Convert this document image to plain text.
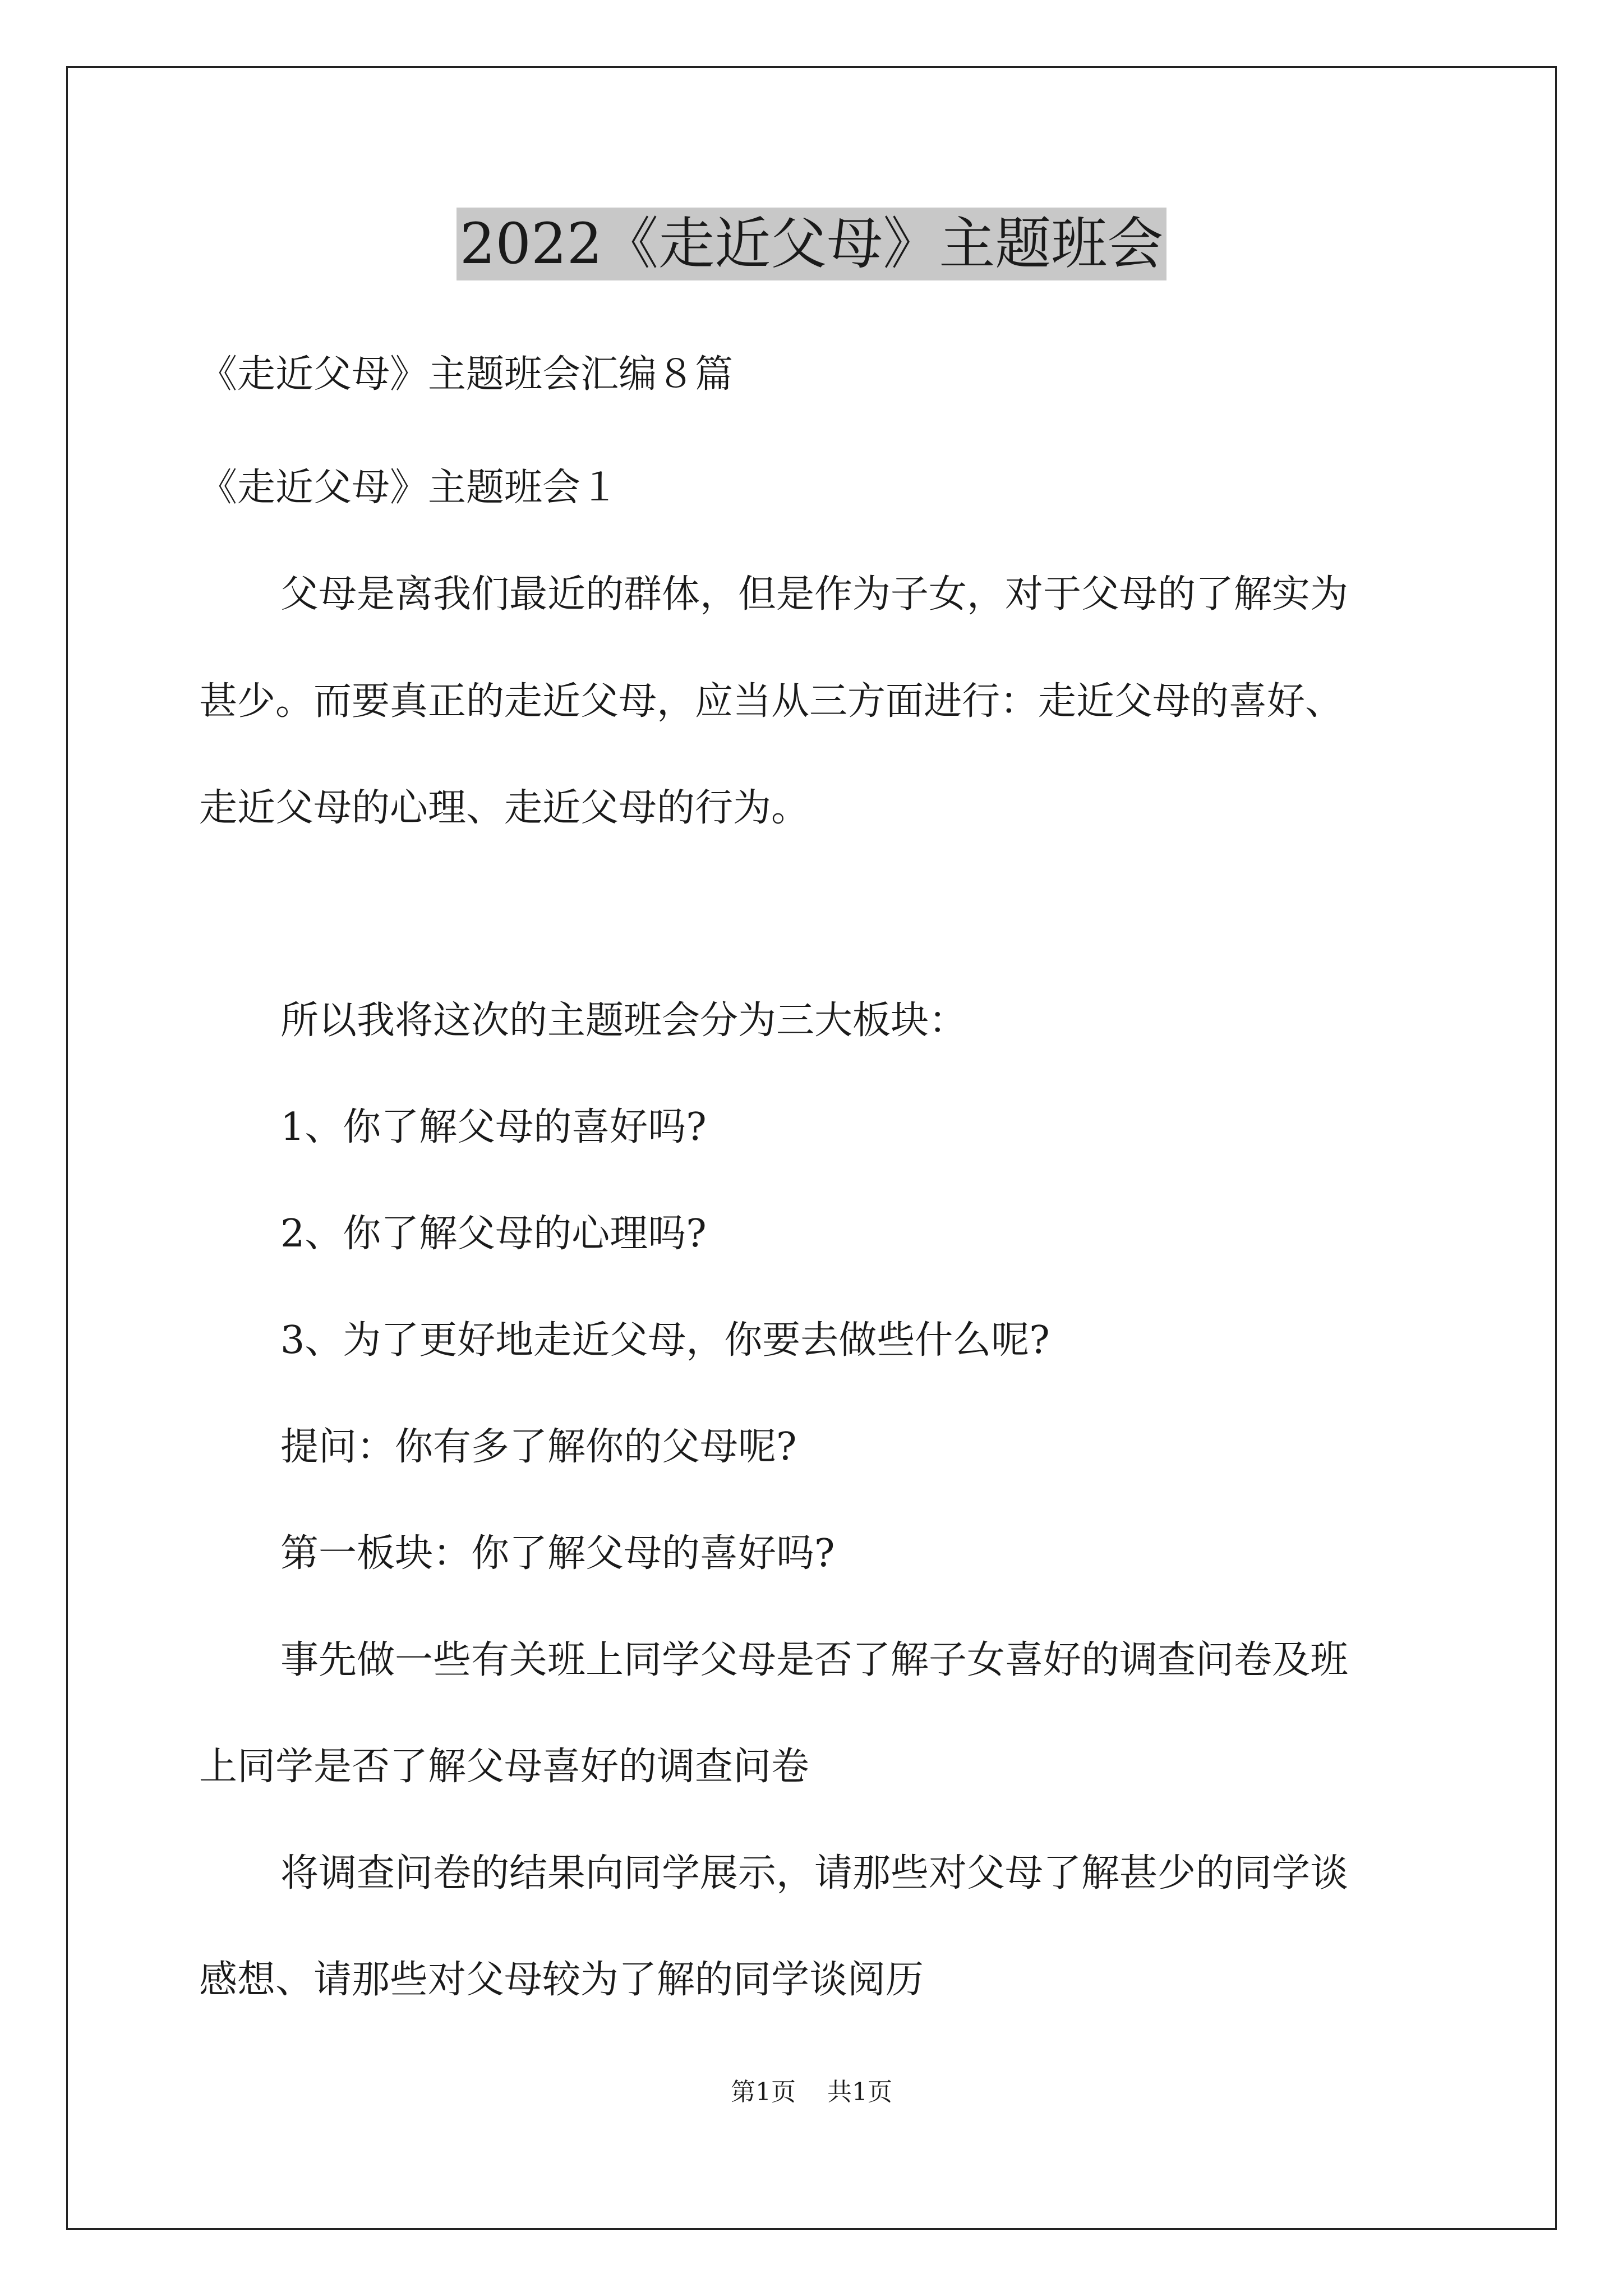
2022《走近父母》主题班会

《走近父母》主题班会汇编８篇

《走近父母》主题班会１

父母是离我们最近的群体，但是作为子女，对于父母的了解实为

甚少。而要真正的走近父母，应当从三方面进行：走近父母的喜好、

走近父母的心理、走近父母的行为。

所以我将这次的主题班会分为三大板块：

1、你了解父母的喜好吗?

2、你了解父母的心理吗?

3、为了更好地走近父母，你要去做些什么呢?

提问：你有多了解你的父母呢?

第一板块：你了解父母的喜好吗?

事先做一些有关班上同学父母是否了解子女喜好的调查问卷及班

上同学是否了解父母喜好的调查问卷

将调查问卷的结果向同学展示，请那些对父母了解甚少的同学谈

感想、请那些对父母较为了解的同学谈阅历

第1页 共1页
